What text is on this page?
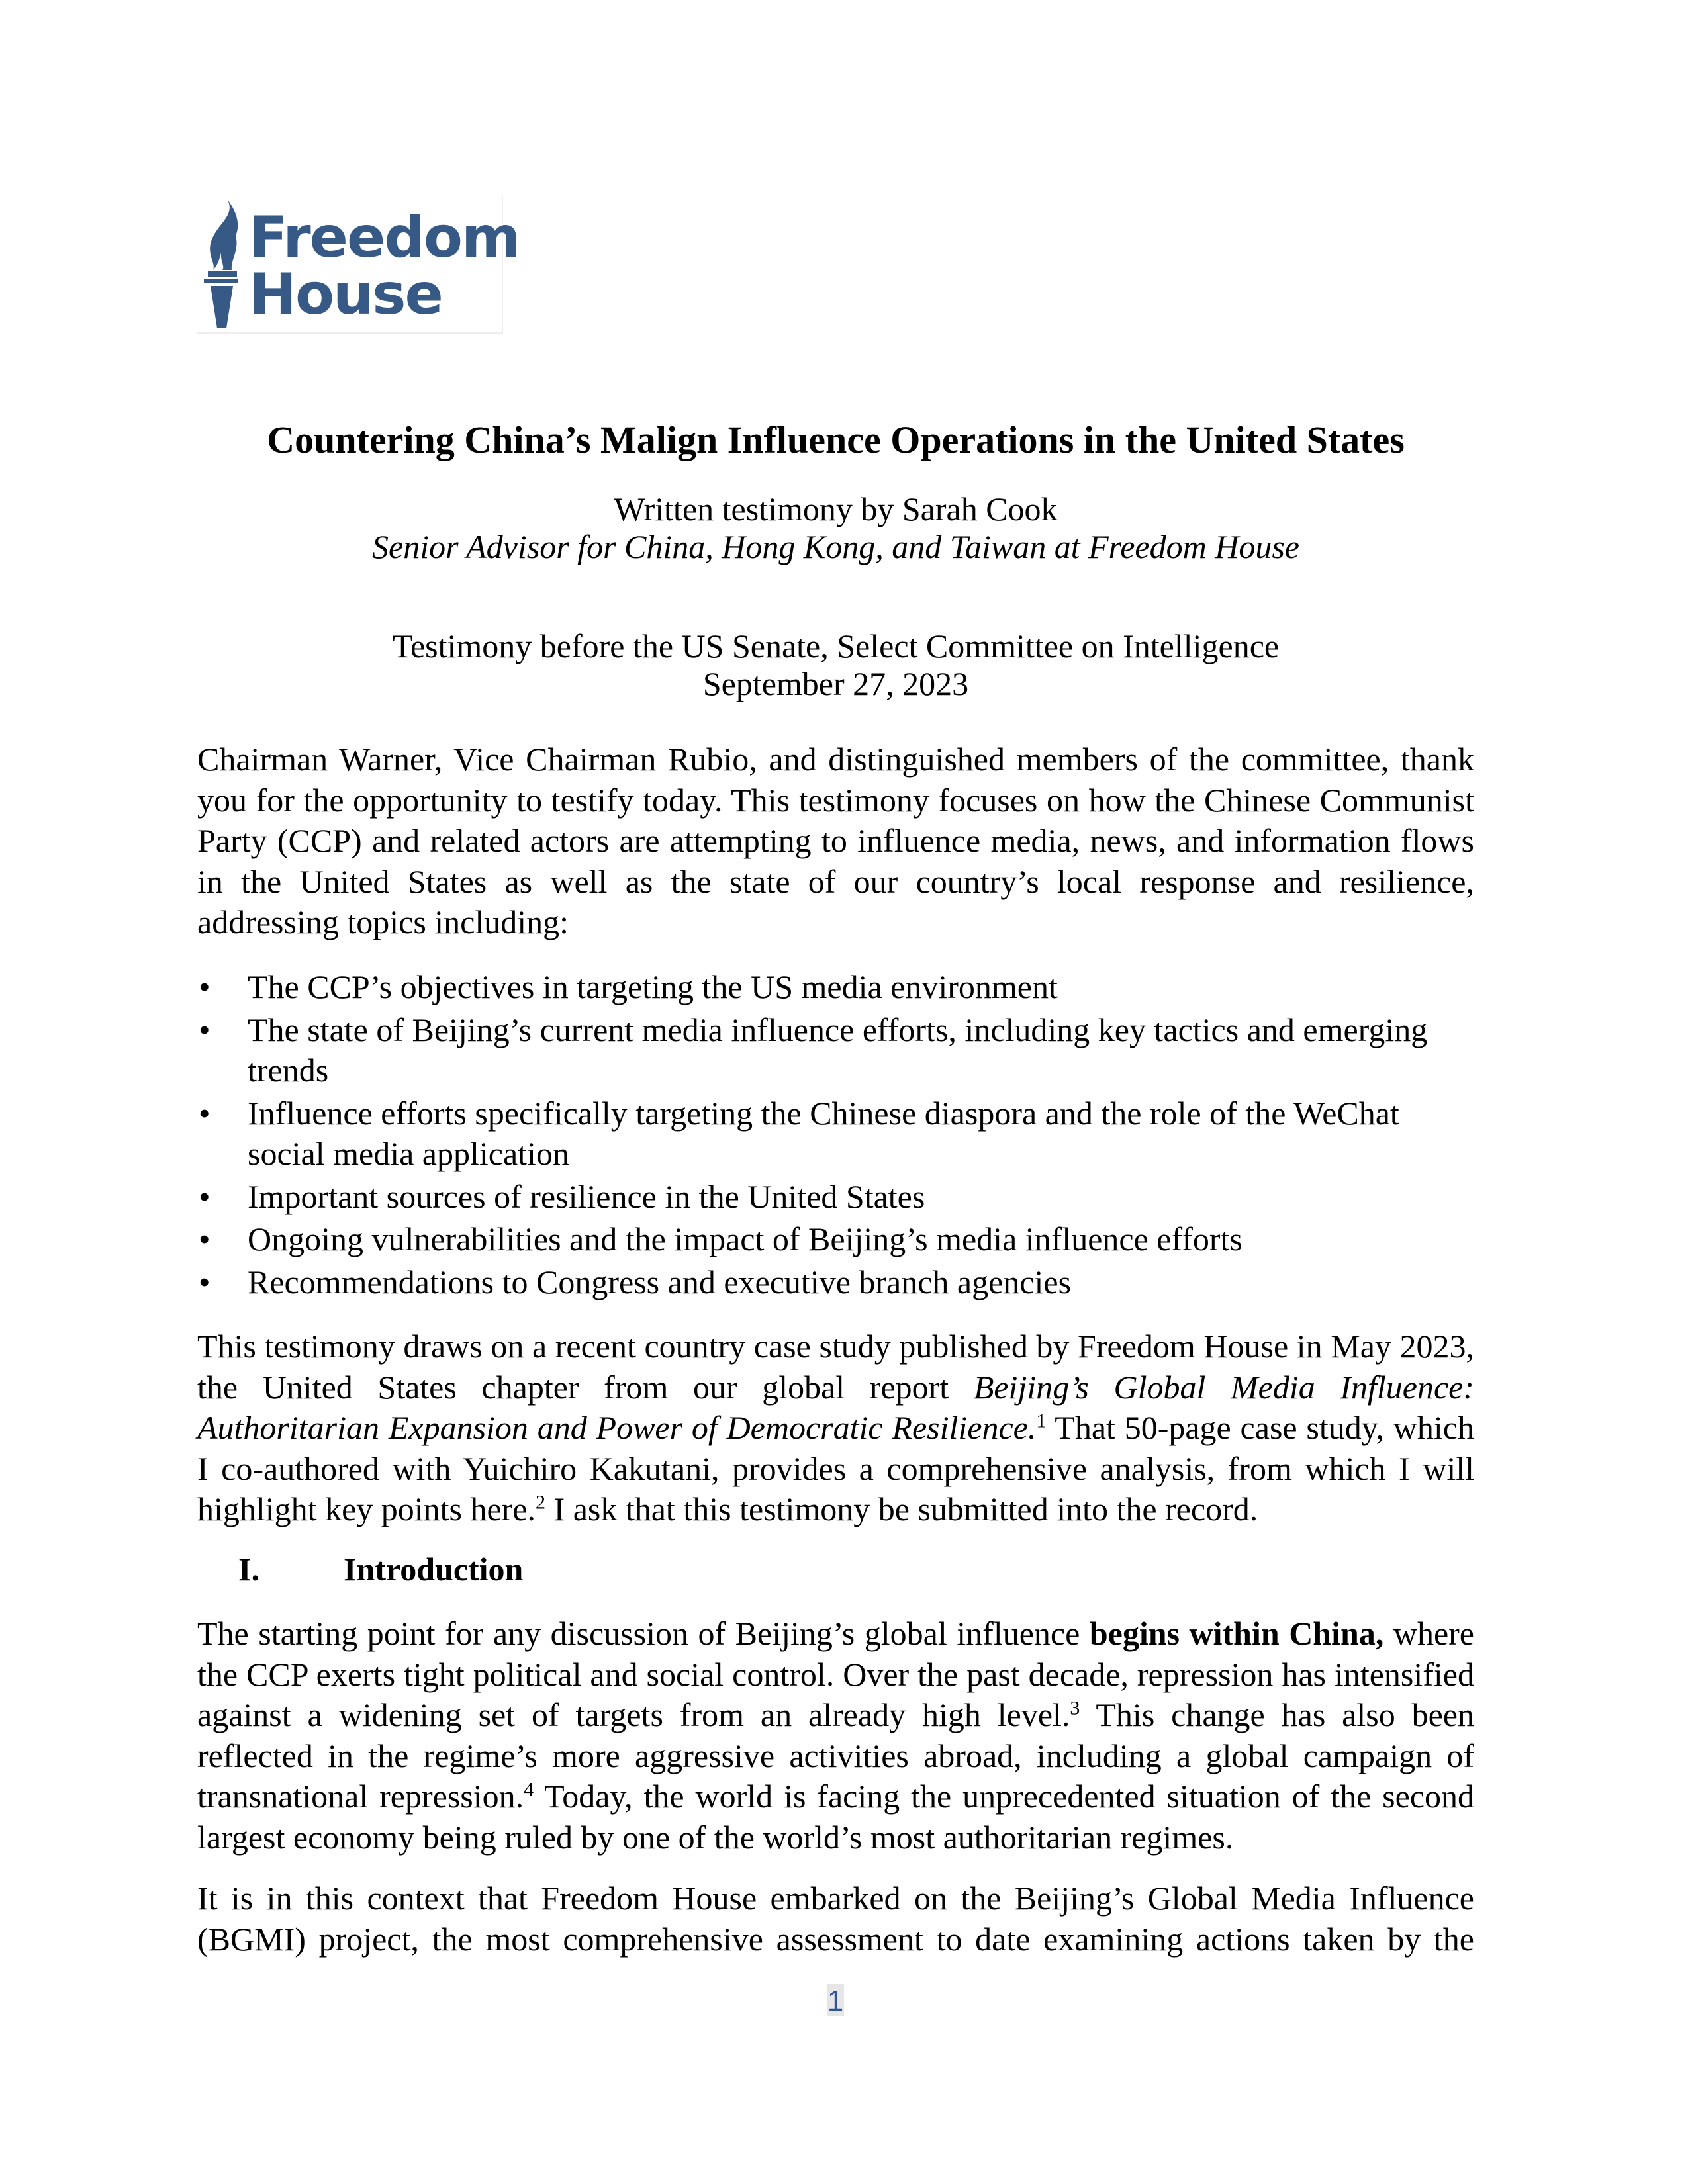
Freedom
House
Countering China’s Malign Influence Operations in the United States
Written testimony by Sarah Cook
Senior Advisor for China, Hong Kong, and Taiwan at Freedom House
Testimony before the US Senate, Select Committee on Intelligence
September 27, 2023
Chairman Warner, Vice Chairman Rubio, and distinguished members of the committee, thank you for the opportunity to testify today. This testimony focuses on how the Chinese Communist Party (CCP) and related actors are attempting to influence media, news, and information flows in the United States as well as the state of our country’s local response and resilience, addressing topics including:
• The CCP’s objectives in targeting the US media environment
• The state of Beijing’s current media influence efforts, including key tactics and emerging trends
• Influence efforts specifically targeting the Chinese diaspora and the role of the WeChat social media application
• Important sources of resilience in the United States
• Ongoing vulnerabilities and the impact of Beijing’s media influence efforts
• Recommendations to Congress and executive branch agencies
This testimony draws on a recent country case study published by Freedom House in May 2023, the United States chapter from our global report Beijing’s Global Media Influence: Authoritarian Expansion and Power of Democratic Resilience.$^1$ That 50-page case study, which I co-authored with Yuichiro Kakutani, provides a comprehensive analysis, from which I will highlight key points here.$^2$ I ask that this testimony be submitted into the record.
I.	Introduction
The starting point for any discussion of Beijing’s global influence begins within China, where the CCP exerts tight political and social control. Over the past decade, repression has intensified against a widening set of targets from an already high level.$^3$ This change has also been reflected in the regime’s more aggressive activities abroad, including a global campaign of transnational repression.$^4$ Today, the world is facing the unprecedented situation of the second largest economy being ruled by one of the world’s most authoritarian regimes.
It is in this context that Freedom House embarked on the Beijing’s Global Media Influence (BGMI) project, the most comprehensive assessment to date examining actions taken by the
1
